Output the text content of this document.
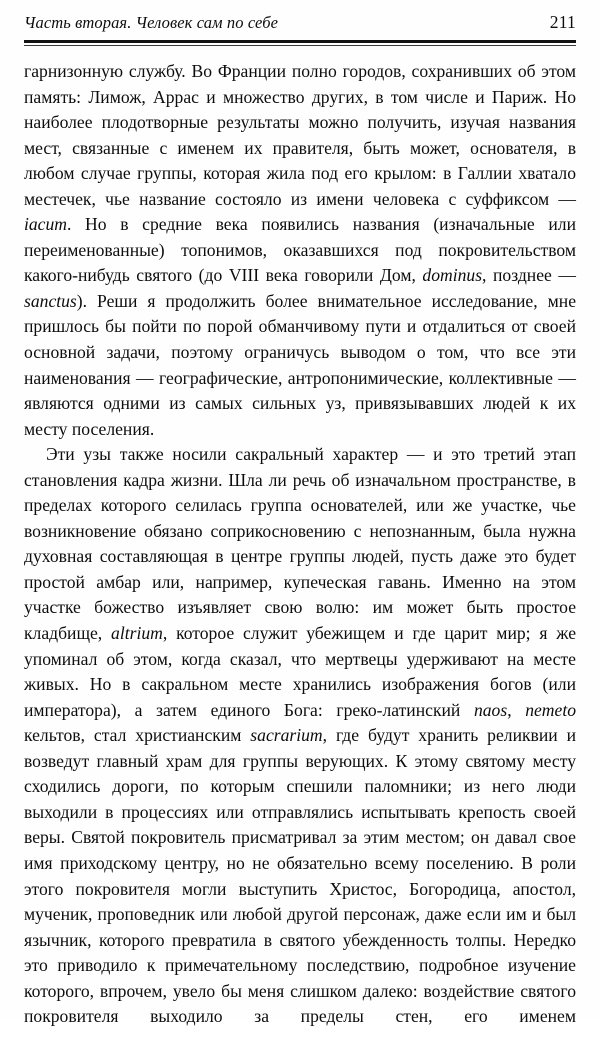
Часть вторая. Человек сам по себе	211

гарнизонную службу. Во Франции полно городов, сохранивших об этом память: Лимож, Аррас и множество других, в том числе и Париж. Но наиболее плодотворные результаты можно получить, изучая названия мест, связанные с именем их правителя, быть может, основателя, в любом случае группы, которая жила под его крылом: в Галлии хватало местечек, чье название состояло из имени человека с суффиксом — iacum. Но в средние века появились названия (изначальные или переименованные) топонимов, оказавшихся под покровительством какого-нибудь святого (до VIII века говорили Дом, dominus, позднее — sanctus). Реши я продолжить более внимательное исследование, мне пришлось бы пойти по порой обманчивому пути и отдалиться от своей основной задачи, поэтому ограничусь выводом о том, что все эти наименования — географические, антропонимические, коллективные — являются одними из самых сильных уз, привязывавших людей к их месту поселения.

Эти узы также носили сакральный характер — и это третий этап становления кадра жизни. Шла ли речь об изначальном пространстве, в пределах которого селилась группа основателей, или же участке, чье возникновение обязано соприкосновению с непознанным, была нужна духовная составляющая в центре группы людей, пусть даже это будет простой амбар или, например, купеческая гавань. Именно на этом участке божество изъявляет свою волю: им может быть простое кладбище, altrium, которое служит убежищем и где царит мир; я же упоминал об этом, когда сказал, что мертвецы удерживают на месте живых. Но в сакральном месте хранились изображения богов (или императора), а затем единого Бога: греко-латинский naos, nemeto кельтов, стал христианским sacrarium, где будут хранить реликвии и возведут главный храм для группы верующих. К этому святому месту сходились дороги, по которым спешили паломники; из него люди выходили в процессиях или отправлялись испытывать крепость своей веры. Святой покровитель присматривал за этим местом; он давал свое имя приходскому центру, но не обязательно всему поселению. В роли этого покровителя могли выступить Христос, Богородица, апостол, мученик, проповедник или любой другой персонаж, даже если им и был язычник, которого превратила в святого убежденность толпы. Нередко это приводило к примечательному последствию, подробное изучение которого, впрочем, увело бы меня слишком далеко: воздействие святого покровителя выходило за пределы стен, его именем
